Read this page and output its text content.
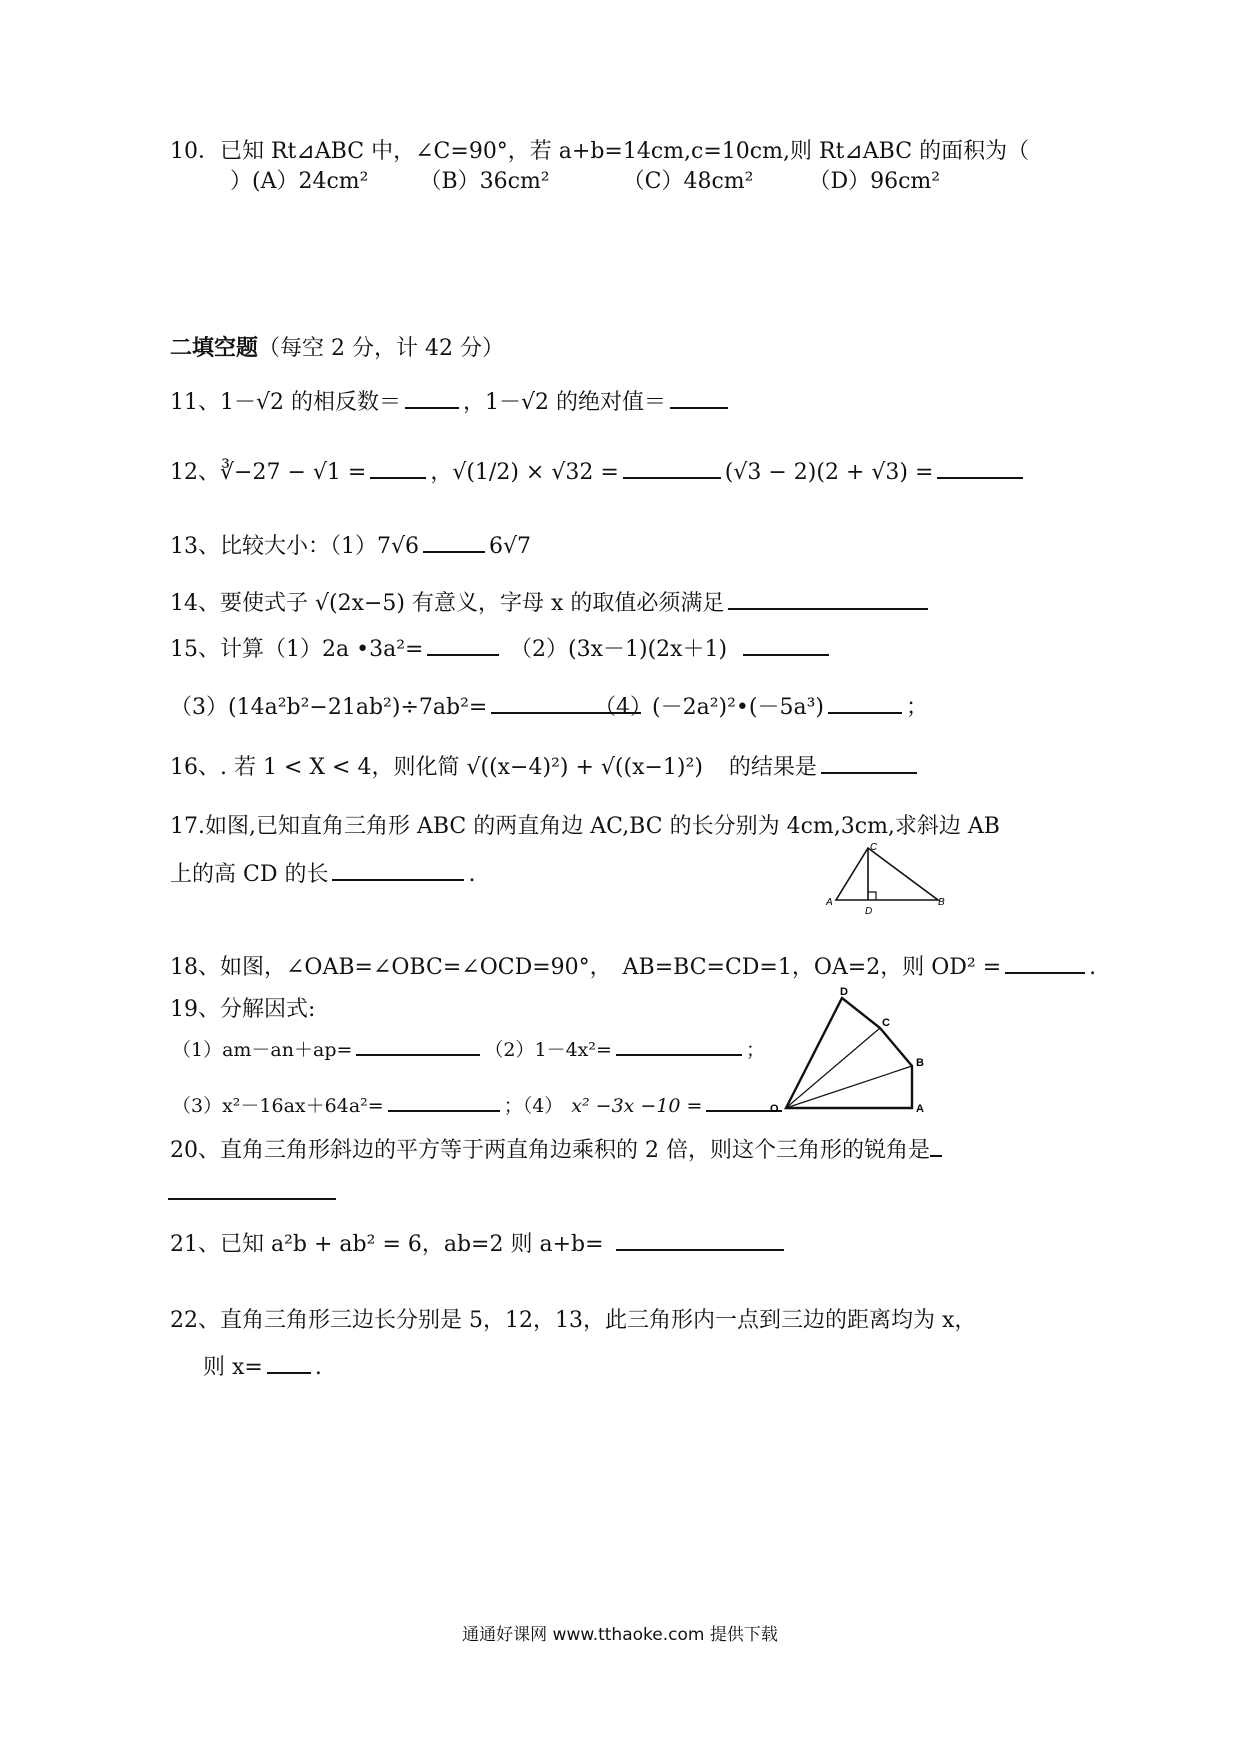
10．已知 Rt⊿ABC 中，∠C=90°，若 a+b=14cm,c=10cm,则 Rt⊿ABC 的面积为（
）(A）24cm²　　 （B）36cm²　　　 （C）48cm²　　　（D）96cm²
二填空题（每空 2 分，计 42 分）
11、1－√2 的相反数＝	，1－√2 的绝对值＝
12、∛−27 − √1 =	，√(1/2) × √32 =	(√3 − 2)(2 + √3) =
13、比较大小：（1）7√6	6√7
14、要使式子 √(2x−5) 有意义，字母 x 的取值必须满足
15、计算（1）2a •3a²=	（2）(3x－1)(2x＋1)
（3）(14a²b²−21ab²)÷7ab²=	（4）(－2a²)²•(－5a³)	；
16、. 若 1 < X < 4，则化简 √((x−4)²) + √((x−1)²) 的结果是
17.如图,已知直角三角形 ABC 的两直角边 AC,BC 的长分别为 4cm,3cm,求斜边 AB
上的高 CD 的长	.
A	B
C
D
18、如图，∠OAB=∠OBC=∠OCD=90°，　AB=BC=CD=1，OA=2，则 OD² =	.
19、分解因式:
（1）am－an＋ap=	（2）1－4x²=	；
（3）x²－16ax＋64a²=	；（4） x² −3x −10 =	O	A
B
C
D
20、直角三角形斜边的平方等于两直角边乘积的 2 倍，则这个三角形的锐角是
21、已知 a²b + ab² = 6，ab=2 则 a+b=
22、直角三角形三边长分别是 5，12，13，此三角形内一点到三边的距离均为 x，
则 x= .
通通好课网 www.tthaoke.com 提供下载
